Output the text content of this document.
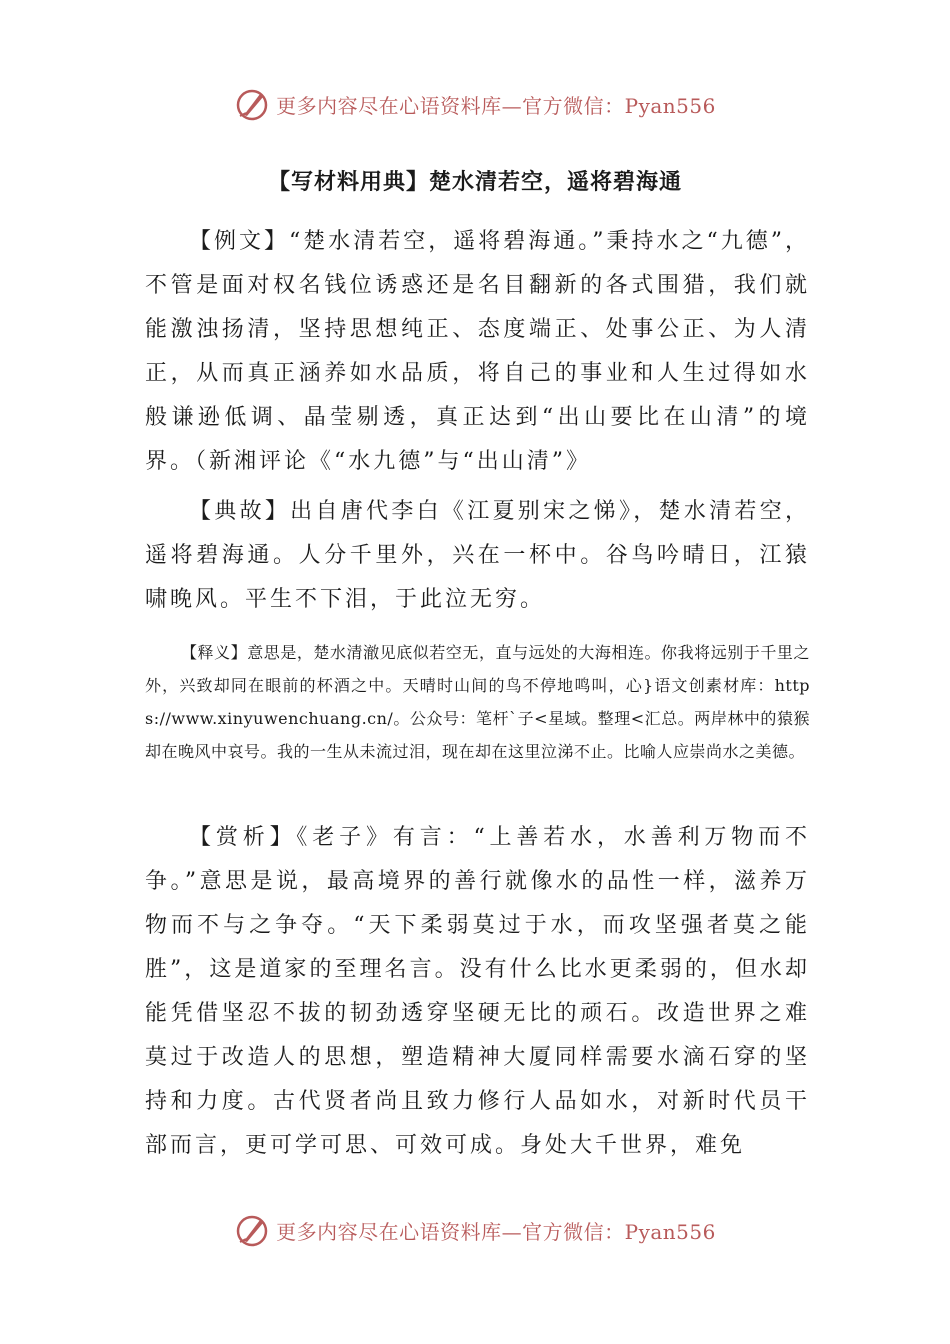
更多内容尽在心语资料库—官方微信：Pyan556
【写材料用典】楚水清若空，遥将碧海通

【例文】“楚水清若空，遥将碧海通。”秉持水之“九德”，不管是面对权名钱位诱惑还是名目翻新的各式围猎，我们就能激浊扬清，坚持思想纯正、态度端正、处事公正、为人清正，从而真正涵养如水品质，将自己的事业和人生过得如水般谦逊低调、晶莹剔透，真正达到“出山要比在山清”的境界。（新湘评论《“水九德”与“出山清”》

【典故】出自唐代李白《江夏别宋之悌》，楚水清若空，遥将碧海通。人分千里外，兴在一杯中。谷鸟吟晴日，江猿啸晚风。平生不下泪，于此泣无穷。

【释义】意思是，楚水清澈见底似若空无，直与远处的大海相连。你我将远别于千里之外，兴致却同在眼前的杯酒之中。天晴时山间的鸟不停地鸣叫，心}语文创素材库：https://www.xinyuwenchuang.cn/。公众号：笔杆`子<星域。整理<汇总。两岸林中的猿猴却在晚风中哀号。我的一生从未流过泪，现在却在这里泣涕不止。比喻人应崇尚水之美德。

【赏析】《老子》有言：“上善若水，水善利万物而不争。”意思是说，最高境界的善行就像水的品性一样，滋养万物而不与之争夺。“天下柔弱莫过于水，而攻坚强者莫之能胜”，这是道家的至理名言。没有什么比水更柔弱的，但水却能凭借坚忍不拔的韧劲透穿坚硬无比的顽石。改造世界之难莫过于改造人的思想，塑造精神大厦同样需要水滴石穿的坚持和力度。古代贤者尚且致力修行人品如水，对新时代员干部而言，更可学可思、可效可成。身处大千世界，难免

更多内容尽在心语资料库—官方微信：Pyan556
